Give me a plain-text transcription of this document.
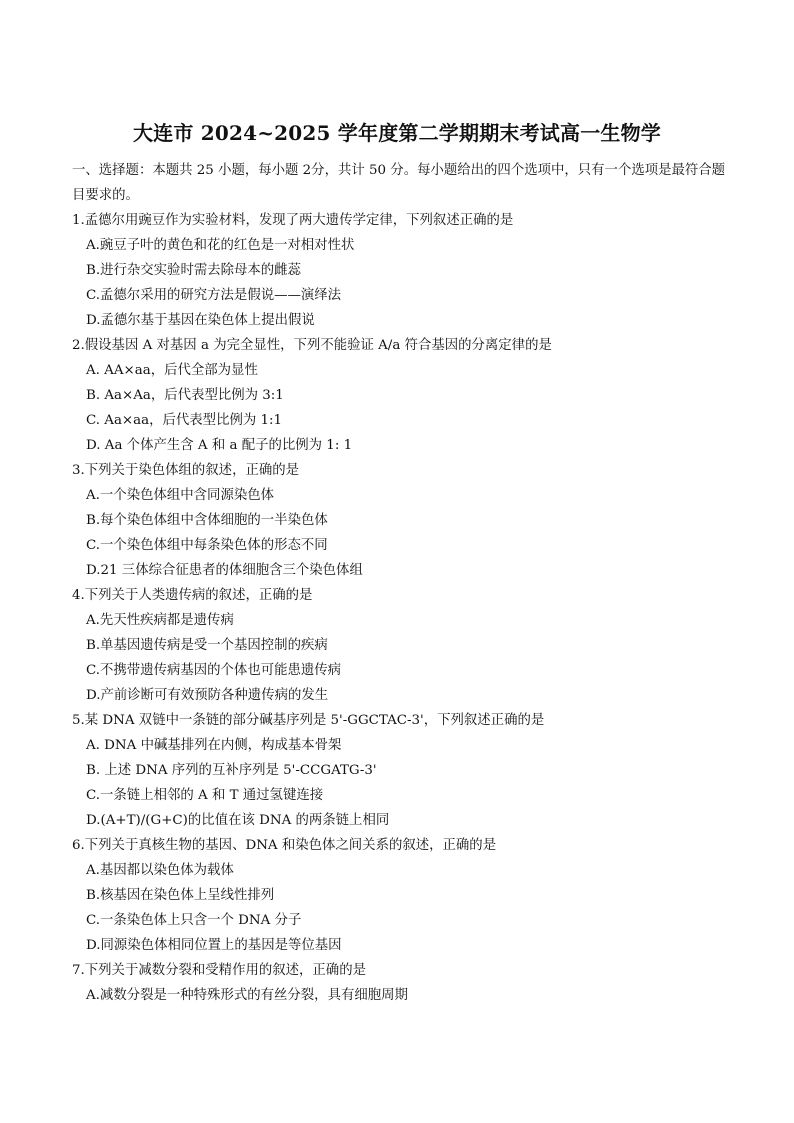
大连市 2024~2025 学年度第二学期期末考试高一生物学
一、选择题：本题共 25 小题，每小题 2分，共计 50 分。每小题给出的四个选项中，只有一个选项是最符合题目要求的。
1.孟德尔用豌豆作为实验材料，发现了两大遗传学定律，下列叙述正确的是
A.豌豆子叶的黄色和花的红色是一对相对性状
B.进行杂交实验时需去除母本的雌蕊
C.孟德尔采用的研究方法是假说——演绎法
D.孟德尔基于基因在染色体上提出假说
2.假设基因 A 对基因 a 为完全显性，下列不能验证 A/a 符合基因的分离定律的是
A. AA×aa，后代全部为显性
B. Aa×Aa，后代表型比例为 3:1
C. Aa×aa，后代表型比例为 1:1
D. Aa 个体产生含 A 和 a 配子的比例为 1: 1
3.下列关于染色体组的叙述，正确的是
A.一个染色体组中含同源染色体
B.每个染色体组中含体细胞的一半染色体
C.一个染色体组中每条染色体的形态不同
D.21 三体综合征患者的体细胞含三个染色体组
4.下列关于人类遗传病的叙述，正确的是
A.先天性疾病都是遗传病
B.单基因遗传病是受一个基因控制的疾病
C.不携带遗传病基因的个体也可能患遗传病
D.产前诊断可有效预防各种遗传病的发生
5.某 DNA 双链中一条链的部分碱基序列是 5'-GGCTAC-3'，下列叙述正确的是
A. DNA 中碱基排列在内侧，构成基本骨架
B. 上述 DNA 序列的互补序列是 5'-CCGATG-3'
C.一条链上相邻的 A 和 T 通过氢键连接
D.(A+T)/(G+C)的比值在该 DNA 的两条链上相同
6.下列关于真核生物的基因、DNA 和染色体之间关系的叙述，正确的是
A.基因都以染色体为载体
B.核基因在染色体上呈线性排列
C.一条染色体上只含一个 DNA 分子
D.同源染色体相同位置上的基因是等位基因
7.下列关于减数分裂和受精作用的叙述，正确的是
A.减数分裂是一种特殊形式的有丝分裂，具有细胞周期
